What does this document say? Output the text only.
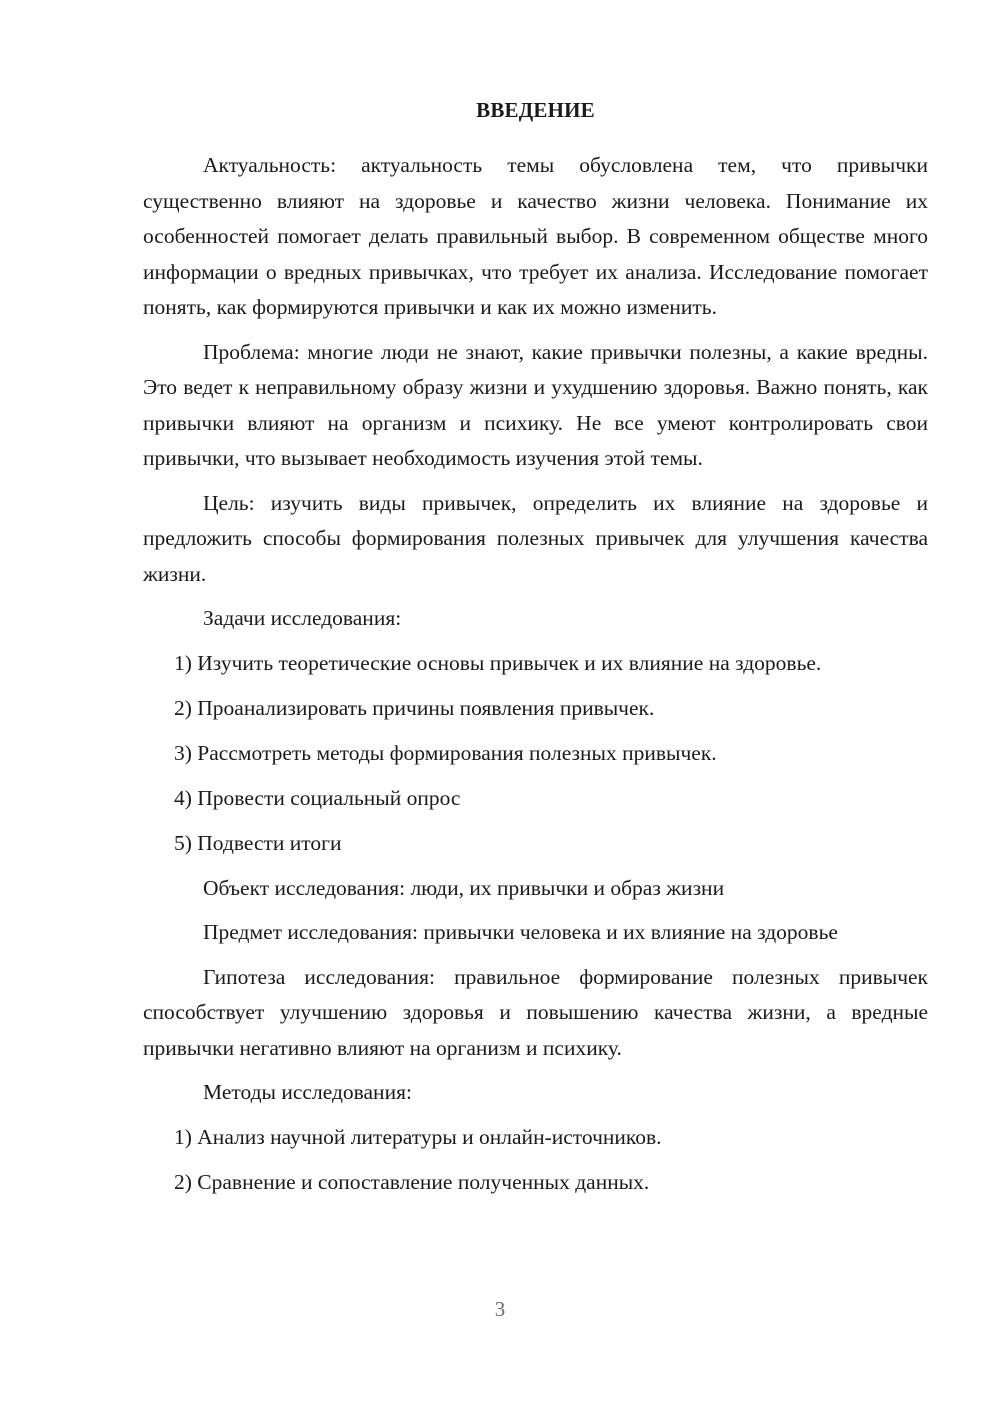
ВВЕДЕНИЕ

Актуальность: актуальность темы обусловлена тем, что привычки существенно влияют на здоровье и качество жизни человека. Понимание их особенностей помогает делать правильный выбор. В современном обществе много информации о вредных привычках, что требует их анализа. Исследование помогает понять, как формируются привычки и как их можно изменить.

Проблема: многие люди не знают, какие привычки полезны, а какие вредны. Это ведет к неправильному образу жизни и ухудшению здоровья. Важно понять, как привычки влияют на организм и психику. Не все умеют контролировать свои привычки, что вызывает необходимость изучения этой темы.

Цель: изучить виды привычек, определить их влияние на здоровье и предложить способы формирования полезных привычек для улучшения качества жизни.

Задачи исследования:

1) Изучить теоретические основы привычек и их влияние на здоровье.
2) Проанализировать причины появления привычек.
3) Рассмотреть методы формирования полезных привычек.
4) Провести социальный опрос
5) Подвести итоги

Объект исследования: люди, их привычки и образ жизни

Предмет исследования: привычки человека и их влияние на здоровье

Гипотеза исследования: правильное формирование полезных привычек способствует улучшению здоровья и повышению качества жизни, а вредные привычки негативно влияют на организм и психику.

Методы исследования:

1) Анализ научной литературы и онлайн-источников.
2) Сравнение и сопоставление полученных данных.
3
